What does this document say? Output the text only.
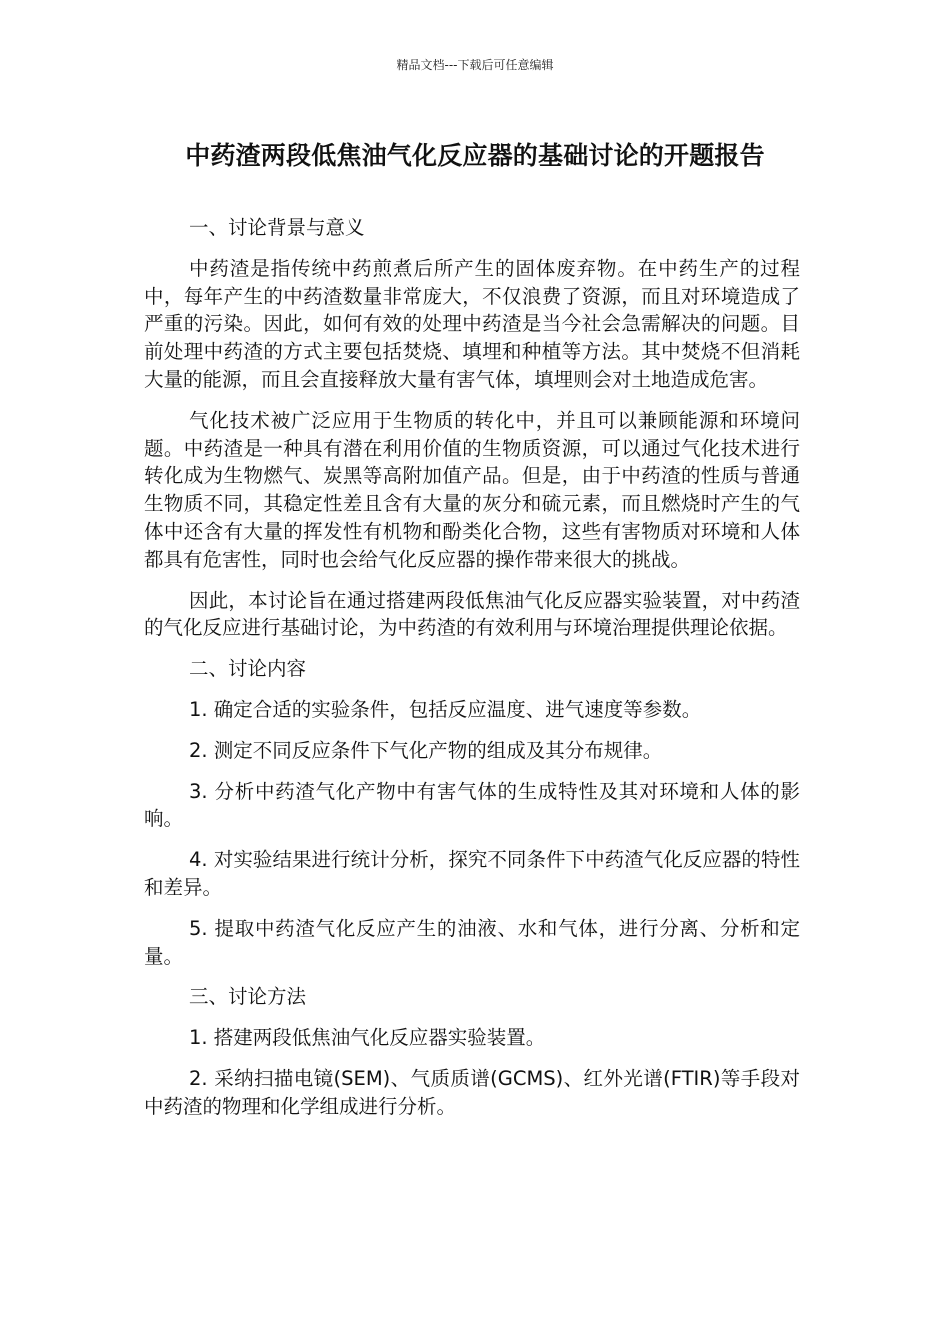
精品文档---下载后可任意编辑
中药渣两段低焦油气化反应器的基础讨论的开题报告

一、讨论背景与意义

中药渣是指传统中药煎煮后所产生的固体废弃物。在中药生产的过程中，每年产生的中药渣数量非常庞大，不仅浪费了资源，而且对环境造成了严重的污染。因此，如何有效的处理中药渣是当今社会急需解决的问题。目前处理中药渣的方式主要包括焚烧、填埋和种植等方法。其中焚烧不但消耗大量的能源，而且会直接释放大量有害气体，填埋则会对土地造成危害。

气化技术被广泛应用于生物质的转化中，并且可以兼顾能源和环境问题。中药渣是一种具有潜在利用价值的生物质资源，可以通过气化技术进行转化成为生物燃气、炭黑等高附加值产品。但是，由于中药渣的性质与普通生物质不同，其稳定性差且含有大量的灰分和硫元素，而且燃烧时产生的气体中还含有大量的挥发性有机物和酚类化合物，这些有害物质对环境和人体都具有危害性，同时也会给气化反应器的操作带来很大的挑战。

因此，本讨论旨在通过搭建两段低焦油气化反应器实验装置，对中药渣的气化反应进行基础讨论，为中药渣的有效利用与环境治理提供理论依据。

二、讨论内容

1. 确定合适的实验条件，包括反应温度、进气速度等参数。

2. 测定不同反应条件下气化产物的组成及其分布规律。

3. 分析中药渣气化产物中有害气体的生成特性及其对环境和人体的影响。

4. 对实验结果进行统计分析，探究不同条件下中药渣气化反应器的特性和差异。

5. 提取中药渣气化反应产生的油液、水和气体，进行分离、分析和定量。

三、讨论方法

1. 搭建两段低焦油气化反应器实验装置。

2. 采纳扫描电镜(SEM)、气质质谱(GCMS)、红外光谱(FTIR)等手段对中药渣的物理和化学组成进行分析。
